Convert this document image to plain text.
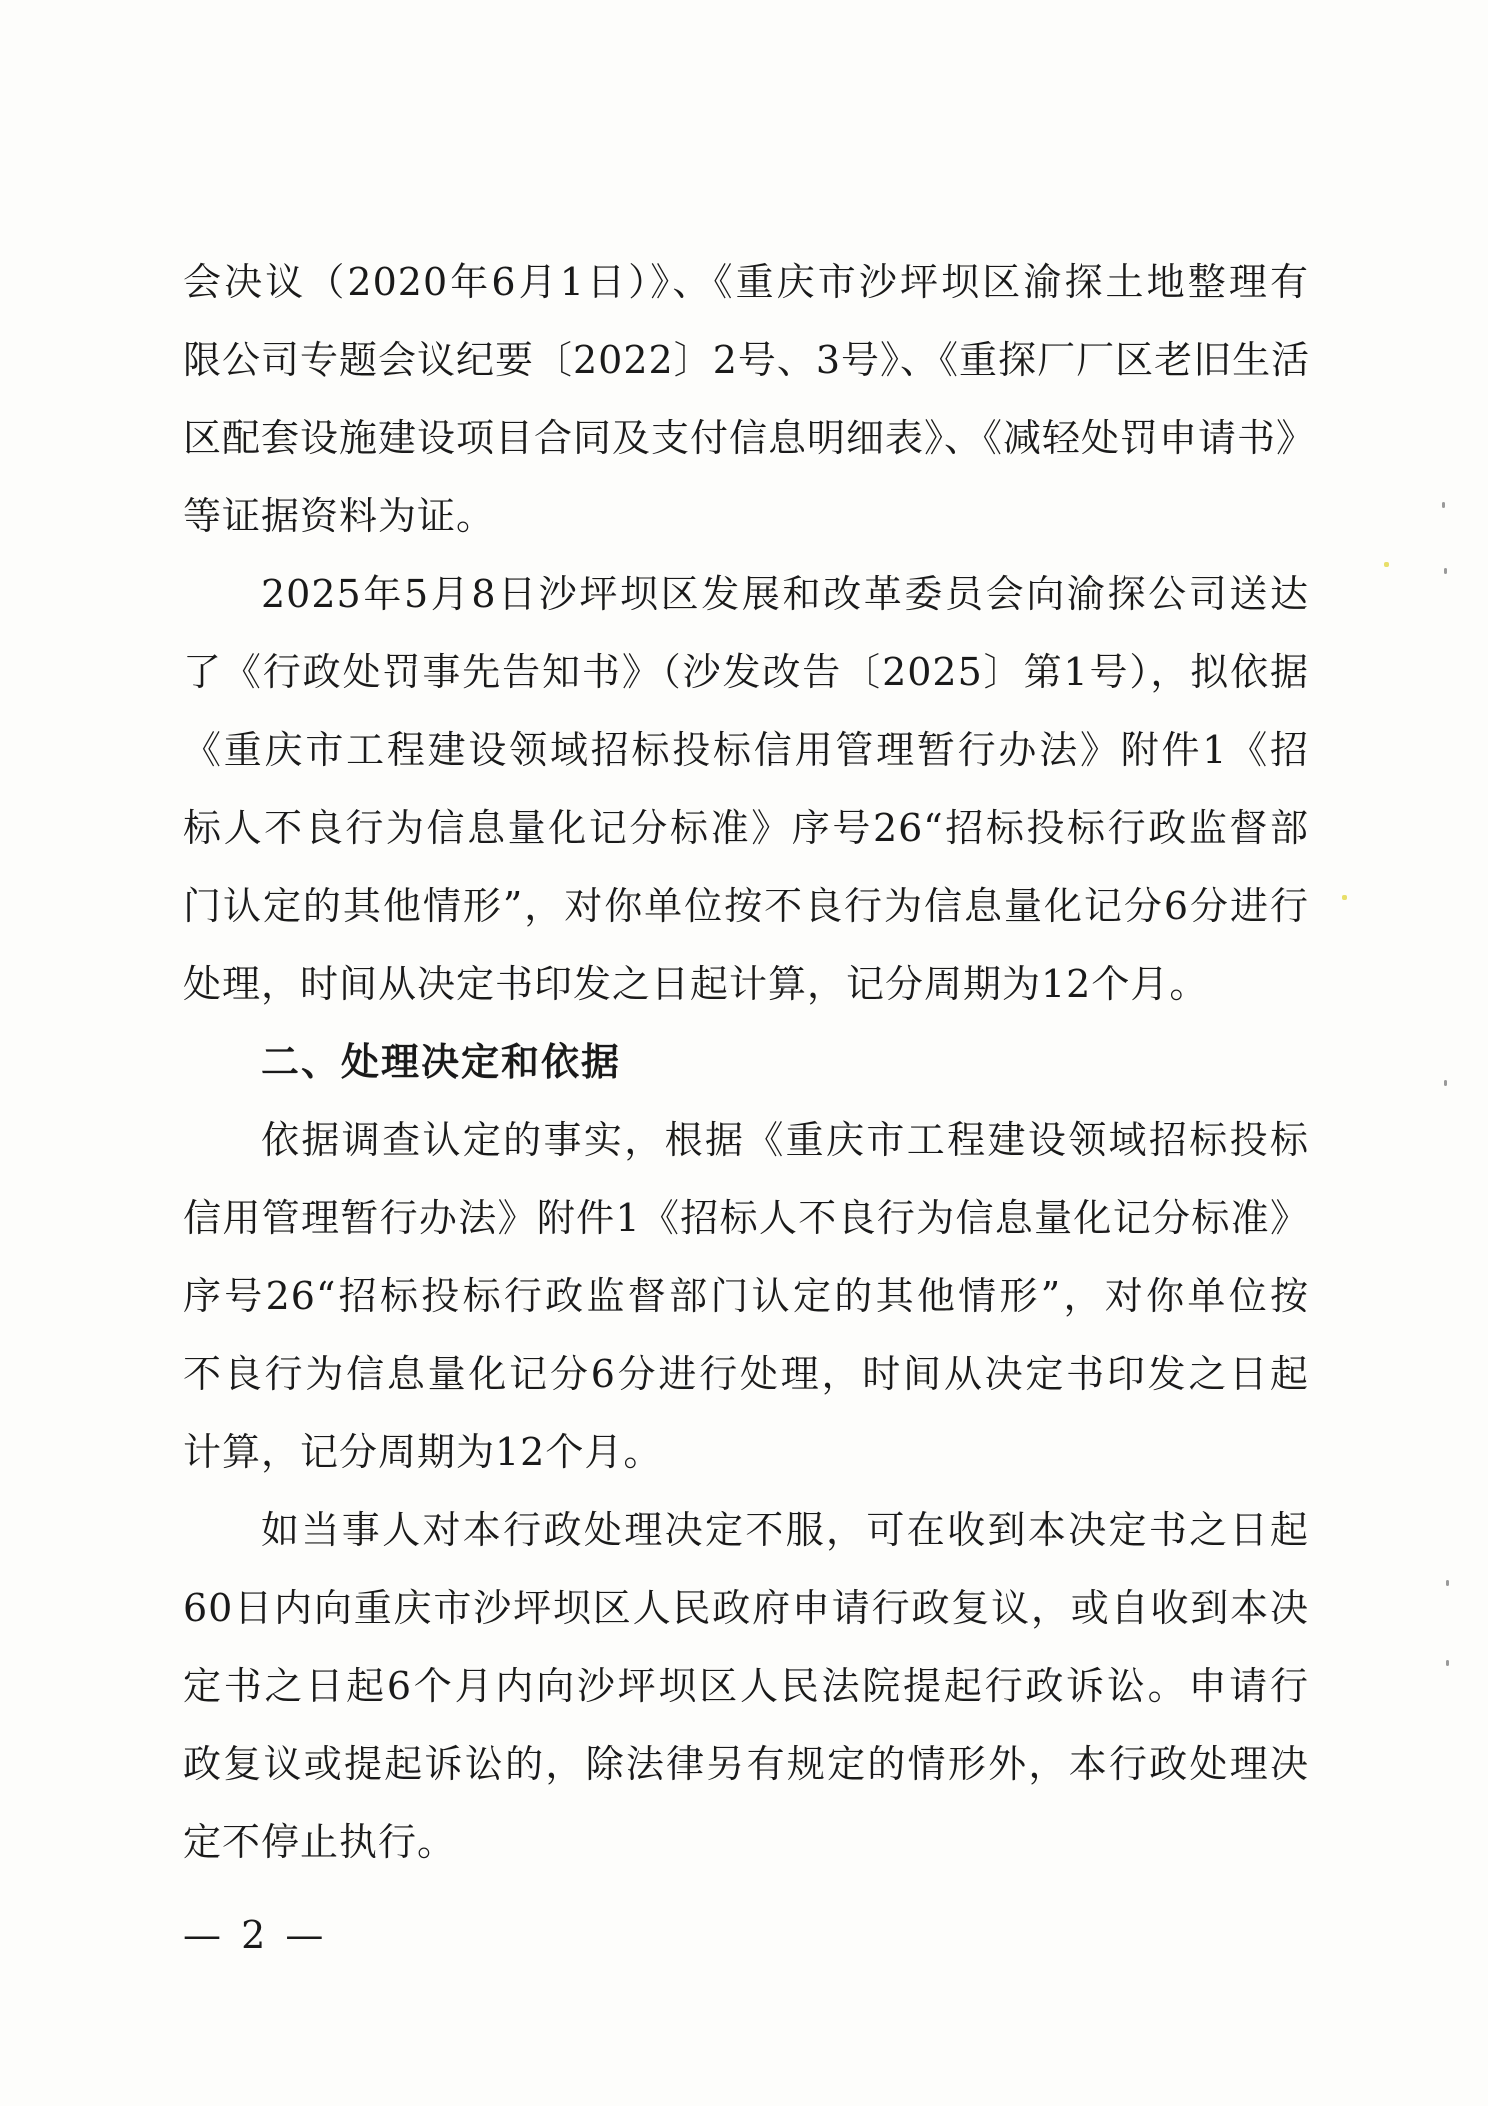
会决议（2020年6月1日）》、《重庆市沙坪坝区渝探土地整理有
限公司专题会议纪要〔2022〕2号、3号》、《重探厂厂区老旧生活
区配套设施建设项目合同及支付信息明细表》、《减轻处罚申请书》
等证据资料为证。
2025年5月8日沙坪坝区发展和改革委员会向渝探公司送达
了《行政处罚事先告知书》（沙发改告〔2025〕第1号），拟依据
《重庆市工程建设领域招标投标信用管理暂行办法》附件1《招
标人不良行为信息量化记分标准》序号26“招标投标行政监督部
门认定的其他情形”，对你单位按不良行为信息量化记分6分进行
处理，时间从决定书印发之日起计算，记分周期为12个月。
二、处理决定和依据
依据调查认定的事实，根据《重庆市工程建设领域招标投标
信用管理暂行办法》附件1《招标人不良行为信息量化记分标准》
序号26“招标投标行政监督部门认定的其他情形”，对你单位按
不良行为信息量化记分6分进行处理，时间从决定书印发之日起
计算，记分周期为12个月。
如当事人对本行政处理决定不服，可在收到本决定书之日起
60日内向重庆市沙坪坝区人民政府申请行政复议，或自收到本决
定书之日起6个月内向沙坪坝区人民法院提起行政诉讼。申请行
政复议或提起诉讼的，除法律另有规定的情形外，本行政处理决
定不停止执行。
— 2 —
